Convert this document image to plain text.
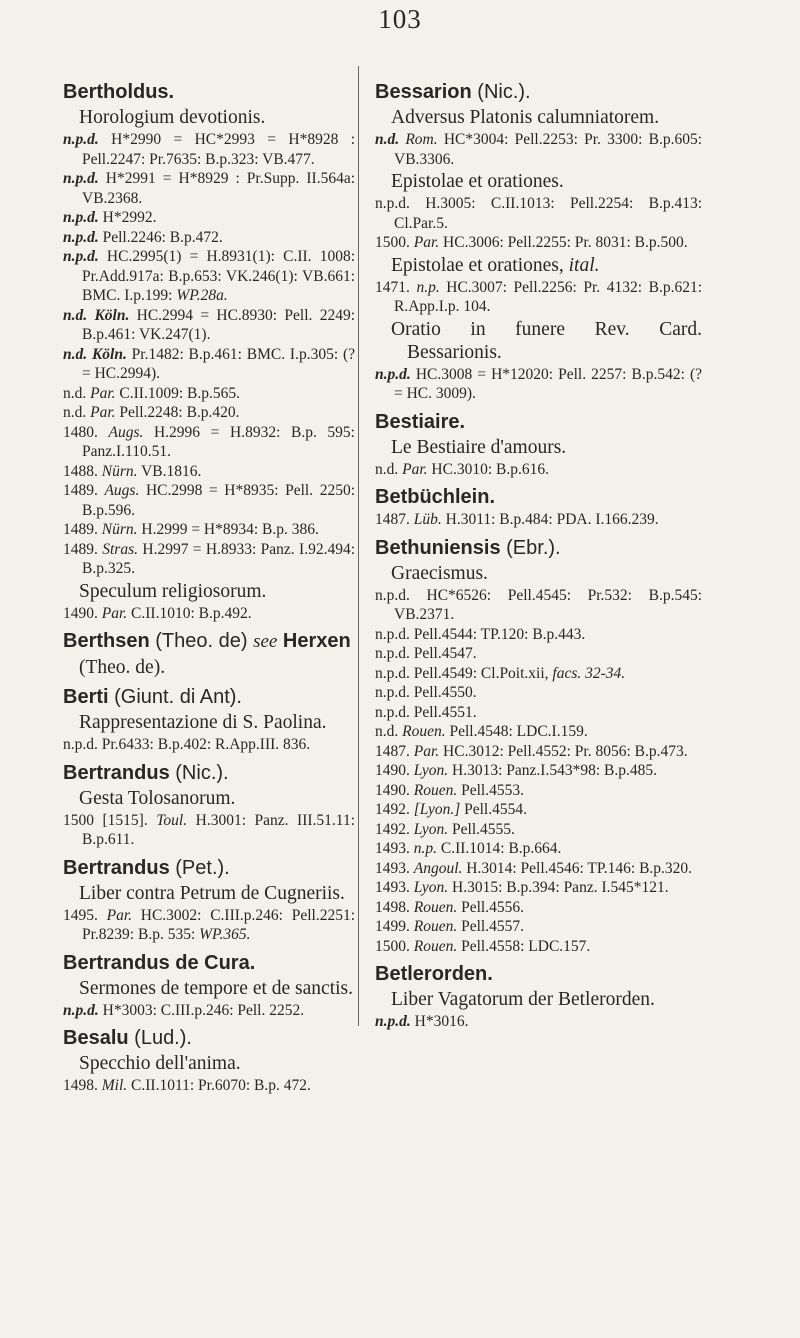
103
Bertholdus.
Horologium devotionis.
n.p.d. H*2990 = HC*2993 = H*8928 : Pell.2247: Pr.7635: B.p.323: VB.477.
n.p.d. H*2991 = H*8929 : Pr.Supp. II.564a: VB.2368.
n.p.d. H*2992.
n.p.d. Pell.2246: B.p.472.
n.p.d. HC.2995(1) = H.8931(1): C.II. 1008: Pr.Add.917a: B.p.653: VK.246(1): VB.661: BMC. I.p.199: WP.28a.
n.d. Köln. HC.2994 = HC.8930: Pell. 2249: B.p.461: VK.247(1).
n.d. Köln. Pr.1482: B.p.461: BMC. I.p.305: (? = HC.2994).
n.d. Par. C.II.1009: B.p.565.
n.d. Par. Pell.2248: B.p.420.
1480. Augs. H.2996 = H.8932: B.p. 595: Panz.I.110.51.
1488. Nürn. VB.1816.
1489. Augs. HC.2998 = H*8935: Pell. 2250: B.p.596.
1489. Nürn. H.2999 = H*8934: B.p. 386.
1489. Stras. H.2997 = H.8933: Panz. I.92.494: B.p.325.
Speculum religiosorum.
1490. Par. C.II.1010: B.p.492.
Berthsen (Theo. de) see Herxen
(Theo. de).
Berti (Giunt. di Ant).
Rappresentazione di S. Paolina.
n.p.d. Pr.6433: B.p.402: R.App.III. 836.
Bertrandus (Nic.).
Gesta Tolosanorum.
1500 [1515]. Toul. H.3001: Panz. III.51.11: B.p.611.
Bertrandus (Pet.).
Liber contra Petrum de Cugneriis.
1495. Par. HC.3002: C.III.p.246: Pell.2251: Pr.8239: B.p. 535: WP.365.
Bertrandus de Cura.
Sermones de tempore et de sanctis.
n.p.d. H*3003: C.III.p.246: Pell. 2252.
Besalu (Lud.).
Specchio dell'anima.
1498. Mil. C.II.1011: Pr.6070: B.p. 472.
Bessarion (Nic.).
Adversus Platonis calumniatorem.
n.d. Rom. HC*3004: Pell.2253: Pr. 3300: B.p.605: VB.3306.
Epistolae et orationes.
n.p.d. H.3005: C.II.1013: Pell.2254: B.p.413: Cl.Par.5.
1500. Par. HC.3006: Pell.2255: Pr. 8031: B.p.500.
Epistolae et orationes, ital.
1471. n.p. HC.3007: Pell.2256: Pr. 4132: B.p.621: R.App.I.p. 104.
Oratio in funere Rev. Card. Bessarionis.
n.p.d. HC.3008 = H*12020: Pell. 2257: B.p.542: (? = HC. 3009).
Bestiaire.
Le Bestiaire d'amours.
n.d. Par. HC.3010: B.p.616.
Betbüchlein.
1487. Lüb. H.3011: B.p.484: PDA. I.166.239.
Bethuniensis (Ebr.).
Graecismus.
n.p.d. HC*6526: Pell.4545: Pr.532: B.p.545: VB.2371.
n.p.d. Pell.4544: TP.120: B.p.443.
n.p.d. Pell.4547.
n.p.d. Pell.4549: Cl.Poit.xii, facs. 32-34.
n.p.d. Pell.4550.
n.p.d. Pell.4551.
n.d. Rouen. Pell.4548: LDC.I.159.
1487. Par. HC.3012: Pell.4552: Pr. 8056: B.p.473.
1490. Lyon. H.3013: Panz.I.543*98: B.p.485.
1490. Rouen. Pell.4553.
1492. [Lyon.] Pell.4554.
1492. Lyon. Pell.4555.
1493. n.p. C.II.1014: B.p.664.
1493. Angoul. H.3014: Pell.4546: TP.146: B.p.320.
1493. Lyon. H.3015: B.p.394: Panz. I.545*121.
1498. Rouen. Pell.4556.
1499. Rouen. Pell.4557.
1500. Rouen. Pell.4558: LDC.157.
Betlerorden.
Liber Vagatorum der Betlerorden.
n.p.d. H*3016.
